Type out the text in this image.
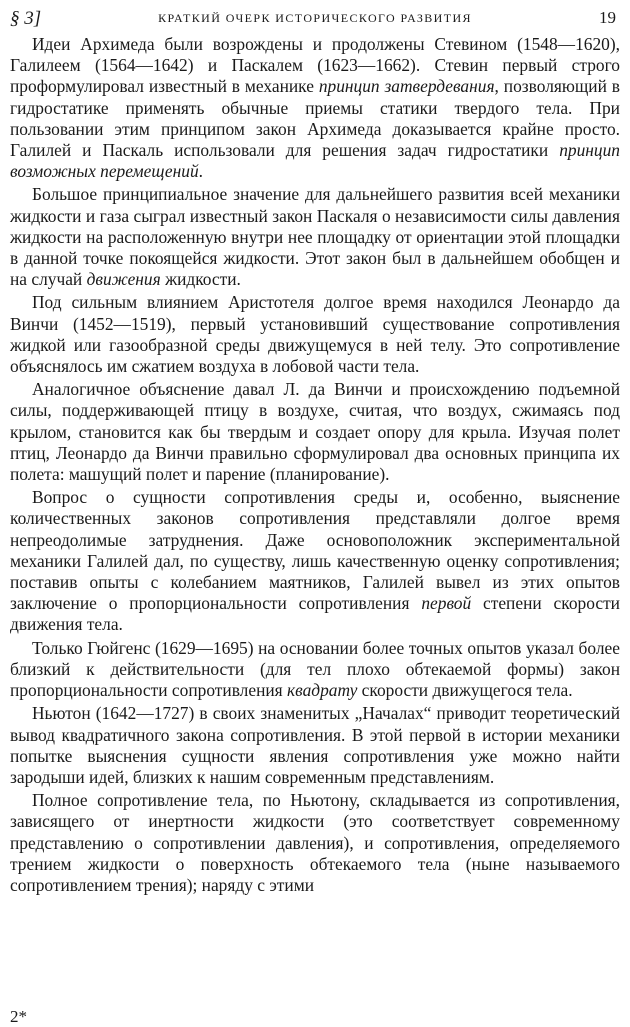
§ 3]	КРАТКИЙ ОЧЕРК ИСТОРИЧЕСКОГО РАЗВИТИЯ	19

Идеи Архимеда были возрождены и продолжены Стевином (1548—1620), Галилеем (1564—1642) и Паскалем (1623—1662). Стевин первый строго проформулировал известный в механике принцип затвердевания, позволяющий в гидростатике применять обычные приемы статики твердого тела. При пользовании этим принципом закон Архимеда доказывается крайне просто. Галилей и Паскаль использовали для решения задач гидростатики принцип возможных перемещений.

Большое принципиальное значение для дальнейшего развития всей механики жидкости и газа сыграл известный закон Паскаля о независимости силы давления жидкости на расположенную внутри нее площадку от ориентации этой площадки в данной точке покоящейся жидкости. Этот закон был в дальнейшем обобщен и на случай движения жидкости.

Под сильным влиянием Аристотеля долгое время находился Леонардо да Винчи (1452—1519), первый установивший существование сопротивления жидкой или газообразной среды движущемуся в ней телу. Это сопротивление объяснялось им сжатием воздуха в лобовой части тела.

Аналогичное объяснение давал Л. да Винчи и происхождению подъемной силы, поддерживающей птицу в воздухе, считая, что воздух, сжимаясь под крылом, становится как бы твердым и создает опору для крыла. Изучая полет птиц, Леонардо да Винчи правильно сформулировал два основных принципа их полета: машущий полет и парение (планирование).

Вопрос о сущности сопротивления среды и, особенно, выяснение количественных законов сопротивления представляли долгое время непреодолимые затруднения. Даже основоположник экспериментальной механики Галилей дал, по существу, лишь качественную оценку сопротивления; поставив опыты с колебанием маятников, Галилей вывел из этих опытов заключение о пропорциональности сопротивления первой степени скорости движения тела.

Только Гюйгенс (1629—1695) на основании более точных опытов указал более близкий к действительности (для тел плохо обтекаемой формы) закон пропорциональности сопротивления квадрату скорости движущегося тела.

Ньютон (1642—1727) в своих знаменитых „Началах“ приводит теоретический вывод квадратичного закона сопротивления. В этой первой в истории механики попытке выяснения сущности явления сопротивления уже можно найти зародыши идей, близких к нашим современным представлениям.

Полное сопротивление тела, по Ньютону, складывается из сопротивления, зависящего от инертности жидкости (это соответствует современному представлению о сопротивлении давления), и сопротивления, определяемого трением жидкости о поверхность обтекаемого тела (ныне называемого сопротивлением трения); наряду с этими

2*
